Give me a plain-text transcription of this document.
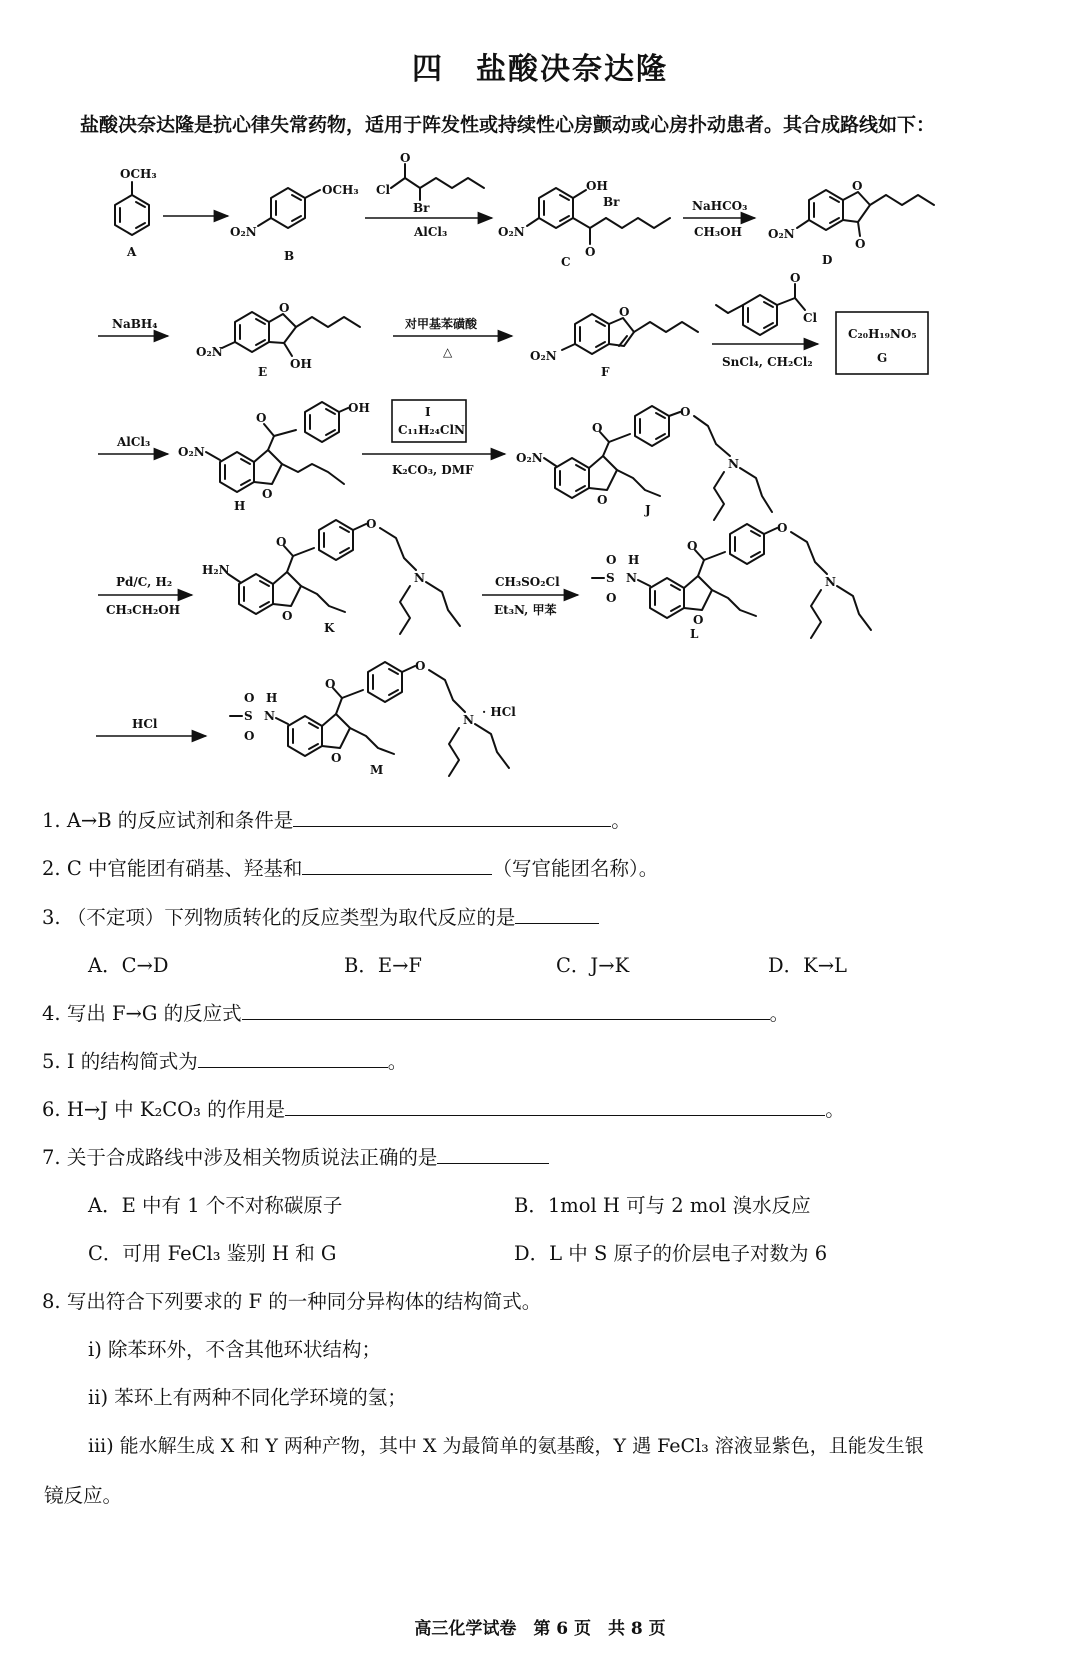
四　盐酸决奈达隆
盐酸决奈达隆是抗心律失常药物，适用于阵发性或持续性心房颤动或心房扑动患者。其合成路线如下：
OCH₃
A
OCH₃
O₂N
B
Cl
O
Br
AlCl₃
OH
O₂N
O
Br
C
NaHCO₃
CH₃OH O₂N
O
O
D
NaBH₄
O₂N
O
OH
E
对甲基苯磺酸
△	O₂N
O
F
O
Cl
SnCl₄, CH₂Cl₂
C₂₀H₁₉NO₅
G
AlCl₃
O₂N
O
O
OH
H
I
C₁₁H₂₄ClN
K₂CO₃, DMF
O₂N
O
O
O
N
J
Pd/C, H₂
CH₃CH₂OH
H₂N
O
O
O
N
K
CH₃SO₂Cl
Et₃N, 甲苯
S
O
O
H
N
O
O
O
N
L
HCl
S
O
O
H
N
O
O
O
N
· HCl
M
1. A→B 的反应试剂和条件是	。
2. C 中官能团有硝基、羟基和	（写官能团名称）。
3. （不定项）下列物质转化的反应类型为取代反应的是
A．C→D	B．E→F	C．J→K	D．K→L
4. 写出 F→G 的反应式	。
5. I 的结构简式为	。
6. H→J 中 K₂CO₃ 的作用是	。
7. 关于合成路线中涉及相关物质说法正确的是
A．E 中有 1 个不对称碳原子	B．1mol H 可与 2 mol 溴水反应
C．可用 FeCl₃ 鉴别 H 和 G	D．L 中 S 原子的价层电子对数为 6
8. 写出符合下列要求的 F 的一种同分异构体的结构简式。
i) 除苯环外，不含其他环状结构；
ii) 苯环上有两种不同化学环境的氢；
iii) 能水解生成 X 和 Y 两种产物，其中 X 为最简单的氨基酸，Y 遇 FeCl₃ 溶液显紫色，且能发生银
镜反应。
高三化学试卷　第 6 页　共 8 页
